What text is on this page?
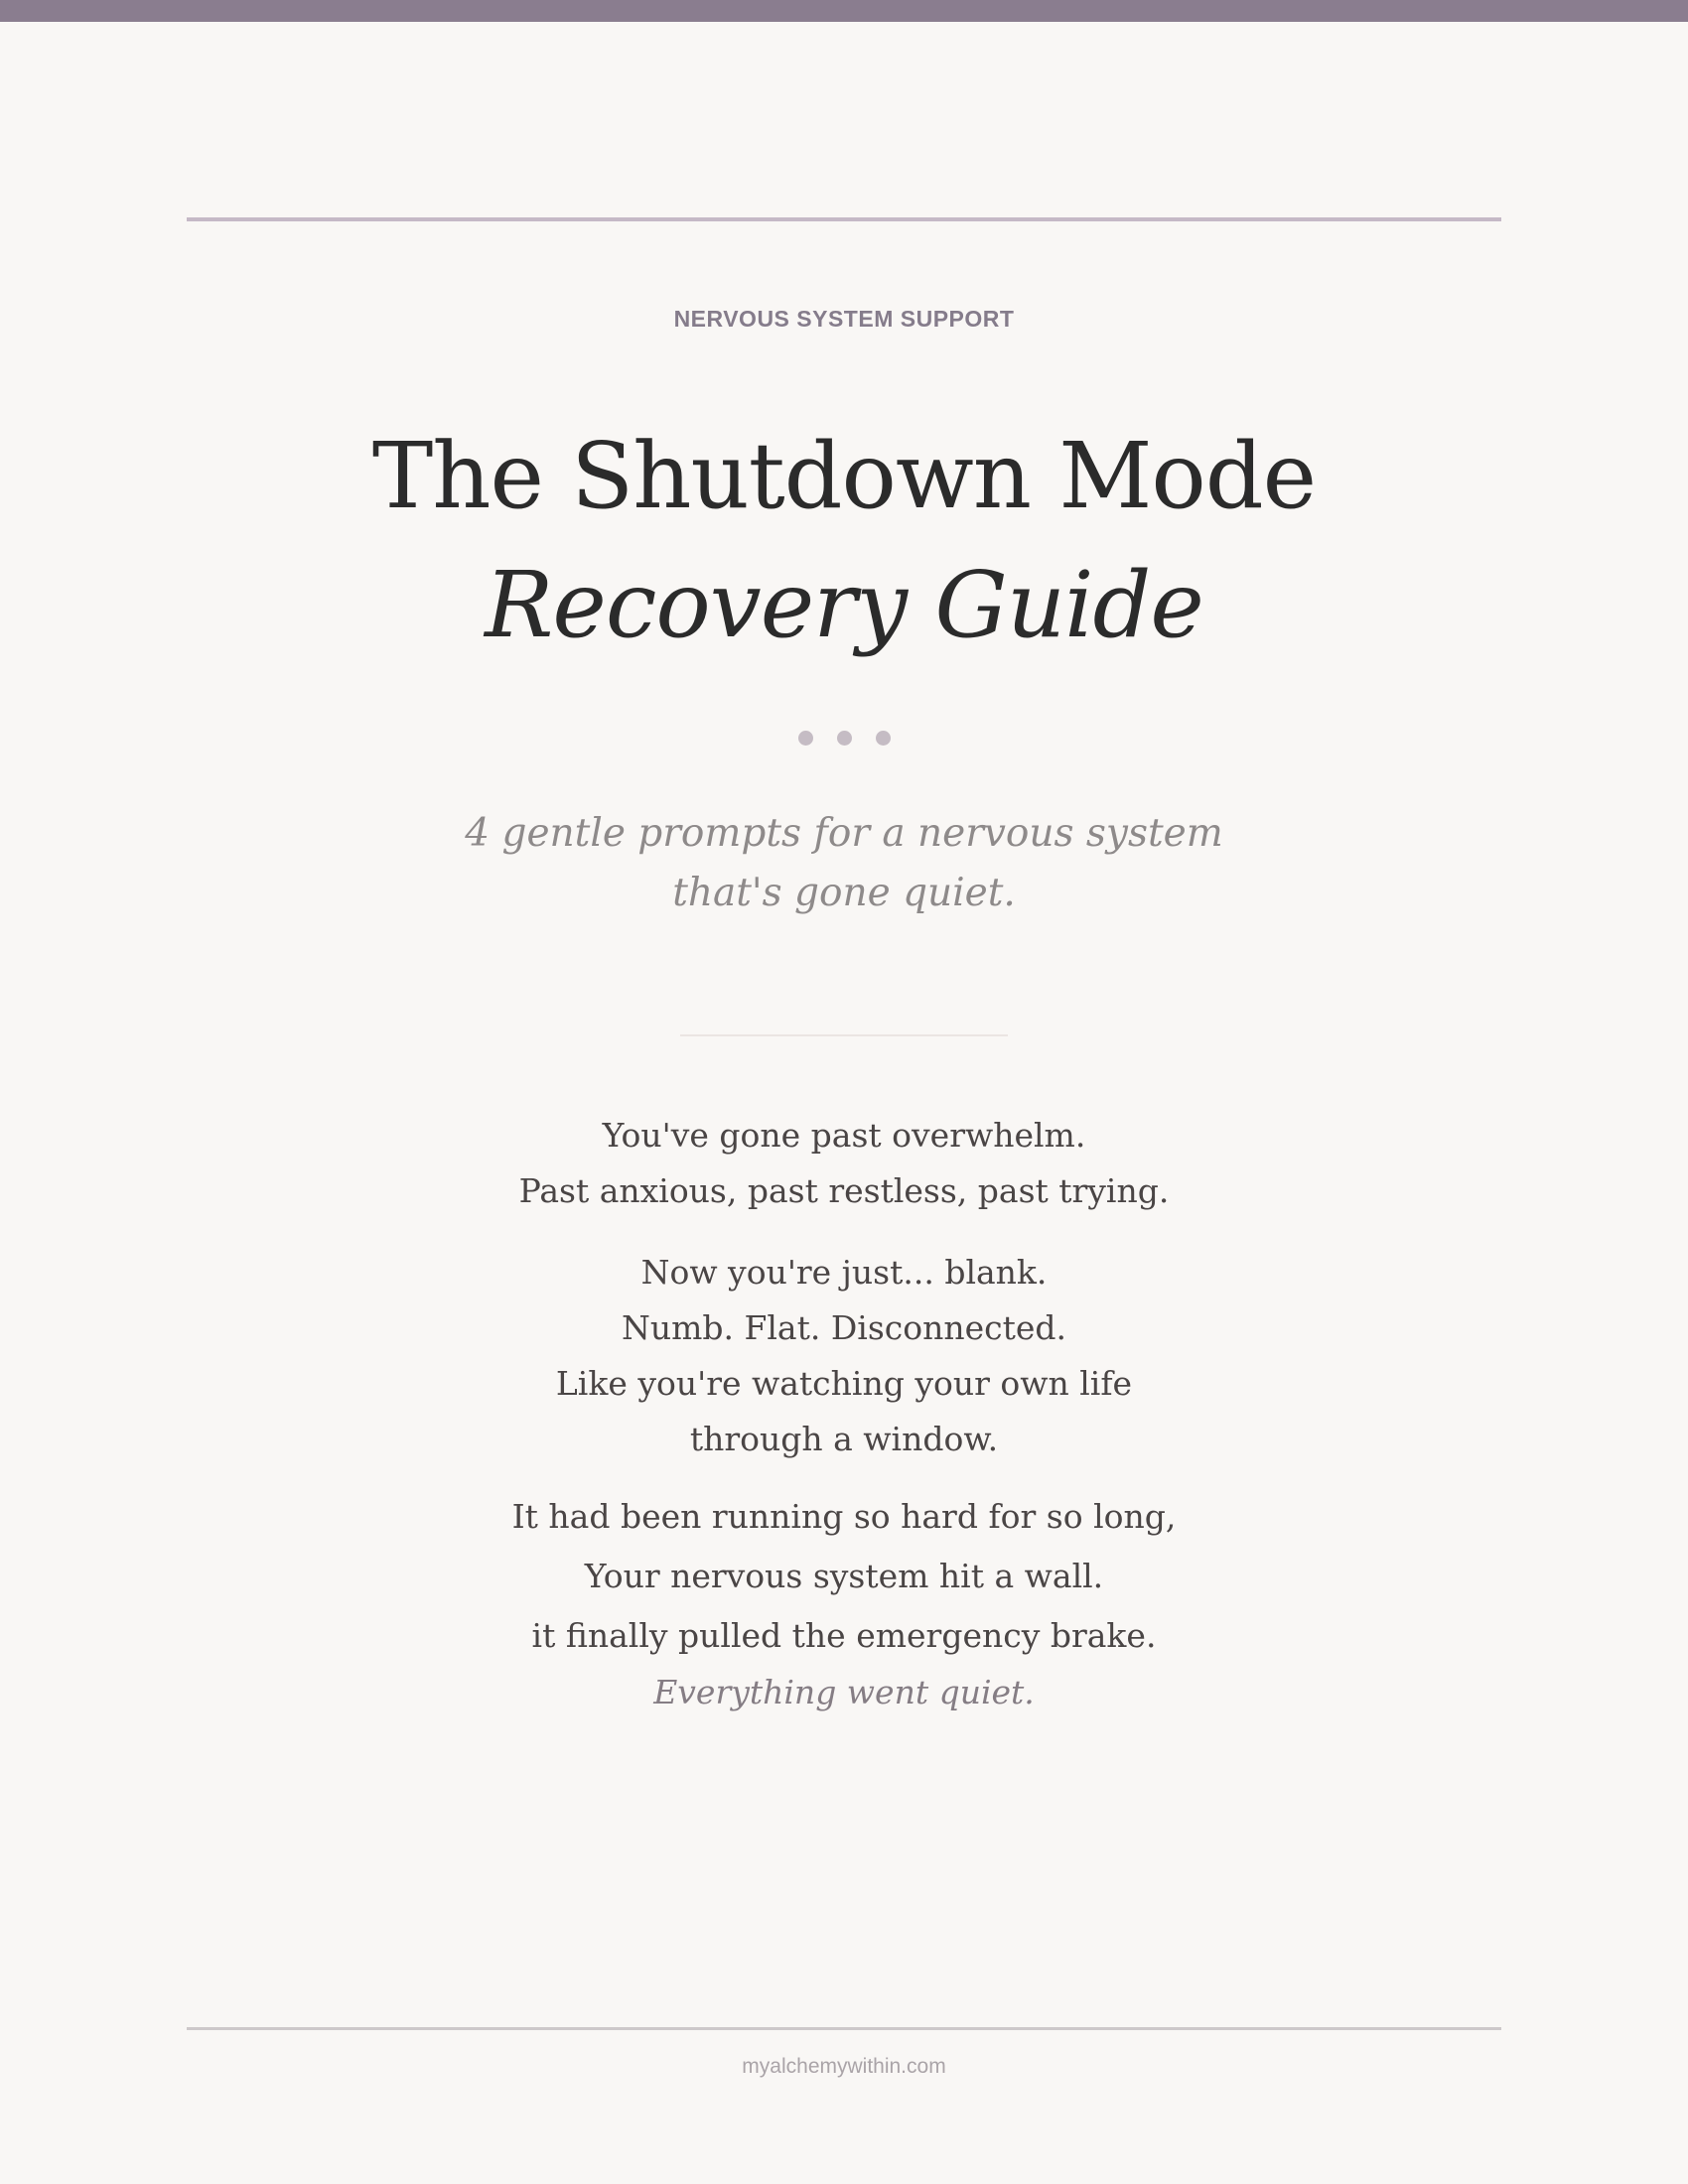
NERVOUS SYSTEM SUPPORT
The Shutdown Mode
Recovery Guide
4 gentle prompts for a nervous system
that's gone quiet.
You've gone past overwhelm.
Past anxious, past restless, past trying.
Now you're just... blank.
Numb. Flat. Disconnected.
Like you're watching your own life
through a window.
It had been running so hard for so long,
Your nervous system hit a wall.
it finally pulled the emergency brake.
Everything went quiet.
myalchemywithin.com
